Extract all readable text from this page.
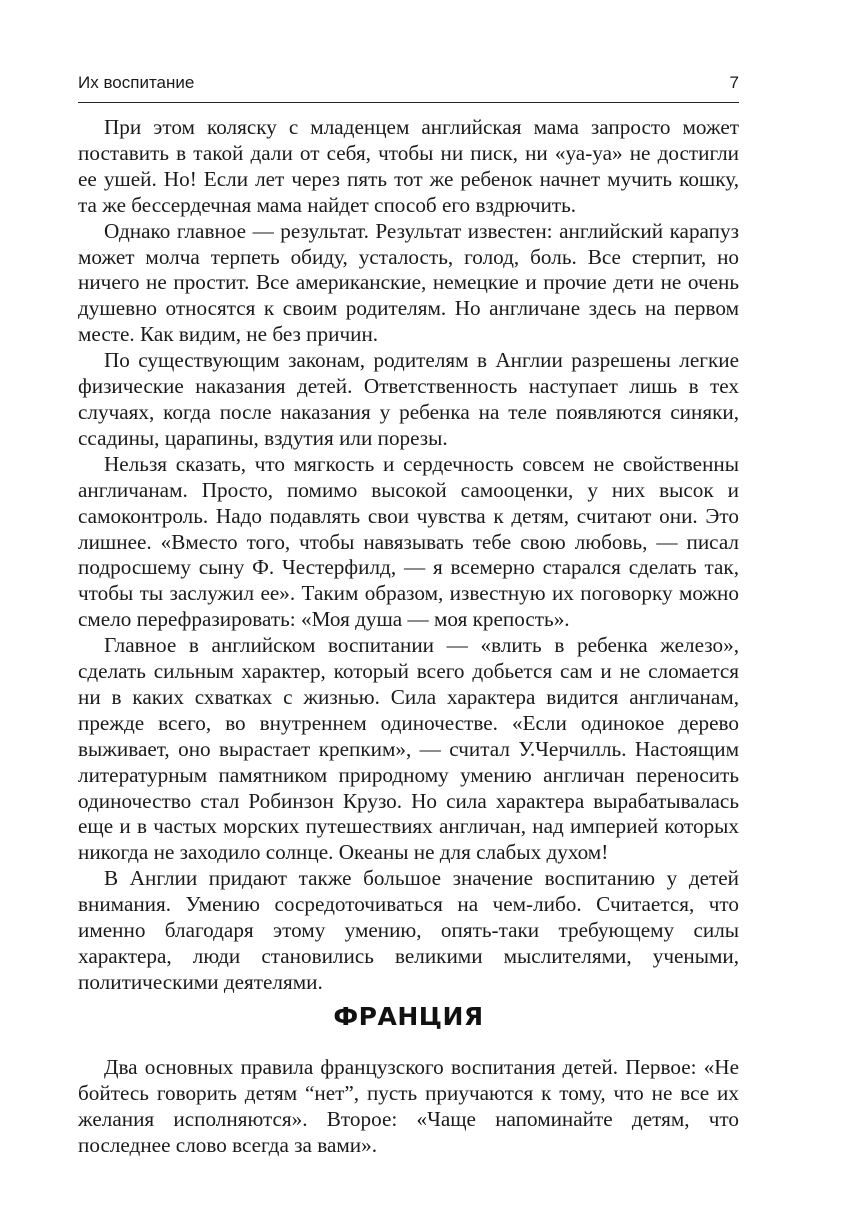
Их воспитание	7

При этом коляску с младенцем английская мама запросто может поставить в такой дали от себя, чтобы ни писк, ни «уа-уа» не достигли ее ушей. Но! Если лет через пять тот же ребенок начнет мучить кошку, та же бессердечная мама найдет способ его вздрючить.

Однако главное — результат. Результат известен: английский карапуз может молча терпеть обиду, усталость, голод, боль. Все стерпит, но ничего не простит. Все американские, немецкие и прочие дети не очень душевно относятся к своим родителям. Но англичане здесь на первом месте. Как видим, не без причин.

По существующим законам, родителям в Англии разрешены легкие физические наказания детей. Ответственность наступает лишь в тех случаях, когда после наказания у ребенка на теле появляются синяки, ссадины, царапины, вздутия или порезы.

Нельзя сказать, что мягкость и сердечность совсем не свойственны англичанам. Просто, помимо высокой самооценки, у них высок и самоконтроль. Надо подавлять свои чувства к детям, считают они. Это лишнее. «Вместо того, чтобы навязывать тебе свою любовь, — писал подросшему сыну Ф. Честерфилд, — я всемерно старался сделать так, чтобы ты заслужил ее». Таким образом, известную их поговорку можно смело перефразировать: «Моя душа — моя крепость».

Главное в английском воспитании — «влить в ребенка железо», сделать сильным характер, который всего добьется сам и не сломается ни в каких схватках с жизнью. Сила характера видится англичанам, прежде всего, во внутреннем одиночестве. «Если одинокое дерево выживает, оно вырастает крепким», — считал У.Черчилль. Настоящим литературным памятником природному умению англичан переносить одиночество стал Робинзон Крузо. Но сила характера вырабатывалась еще и в частых морских путешествиях англичан, над империей которых никогда не заходило солнце. Океаны не для слабых духом!

В Англии придают также большое значение воспитанию у детей внимания. Умению сосредоточиваться на чем-либо. Считается, что именно благодаря этому умению, опять-таки требующему силы характера, люди становились великими мыслителями, учеными, политическими деятелями.

ФРАНЦИЯ

Два основных правила французского воспитания детей. Первое: «Не бойтесь говорить детям “нет”, пусть приучаются к тому, что не все их желания исполняются». Второе: «Чаще напоминайте детям, что последнее слово всегда за вами».
